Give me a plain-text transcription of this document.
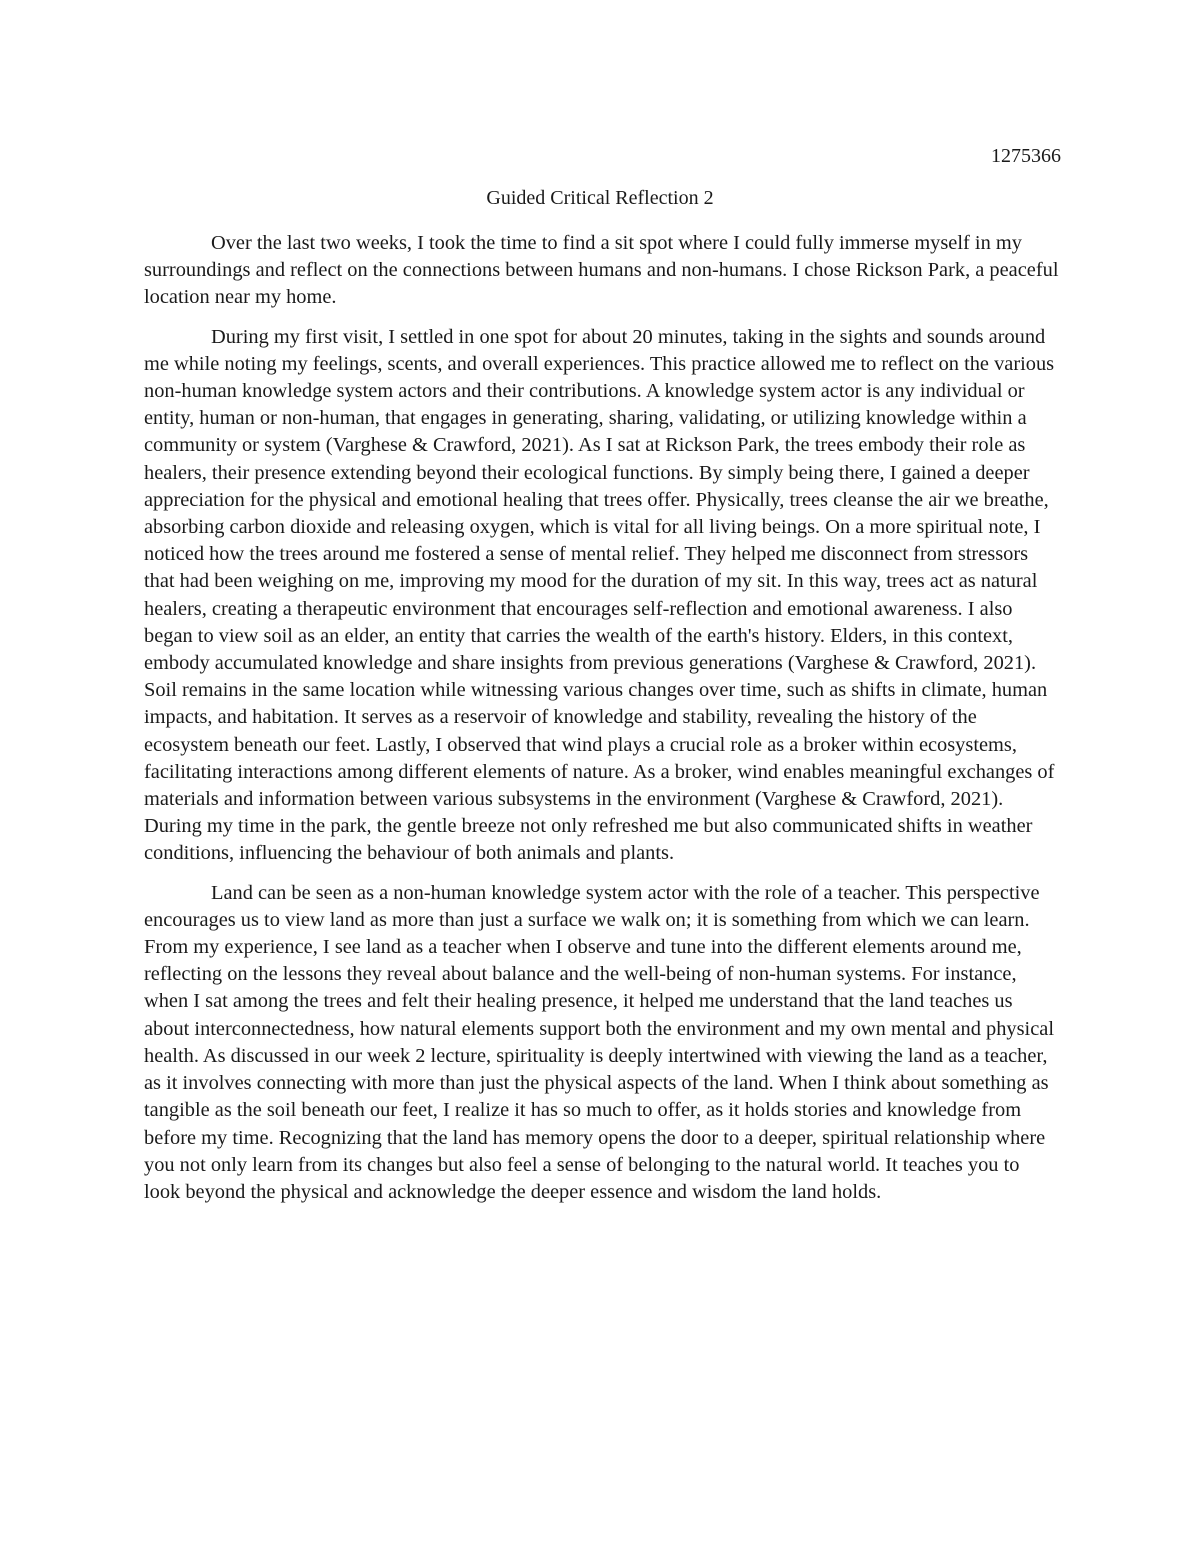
1275366

Guided Critical Reflection 2

Over the last two weeks, I took the time to find a sit spot where I could fully immerse myself in my surroundings and reflect on the connections between humans and non-humans. I chose Rickson Park, a peaceful location near my home.

During my first visit, I settled in one spot for about 20 minutes, taking in the sights and sounds around me while noting my feelings, scents, and overall experiences. This practice allowed me to reflect on the various non-human knowledge system actors and their contributions. A knowledge system actor is any individual or entity, human or non-human, that engages in generating, sharing, validating, or utilizing knowledge within a community or system (Varghese & Crawford, 2021). As I sat at Rickson Park, the trees embody their role as healers, their presence extending beyond their ecological functions. By simply being there, I gained a deeper appreciation for the physical and emotional healing that trees offer. Physically, trees cleanse the air we breathe, absorbing carbon dioxide and releasing oxygen, which is vital for all living beings. On a more spiritual note, I noticed how the trees around me fostered a sense of mental relief. They helped me disconnect from stressors that had been weighing on me, improving my mood for the duration of my sit. In this way, trees act as natural healers, creating a therapeutic environment that encourages self-reflection and emotional awareness. I also began to view soil as an elder, an entity that carries the wealth of the earth's history. Elders, in this context, embody accumulated knowledge and share insights from previous generations (Varghese & Crawford, 2021). Soil remains in the same location while witnessing various changes over time, such as shifts in climate, human impacts, and habitation. It serves as a reservoir of knowledge and stability, revealing the history of the ecosystem beneath our feet. Lastly, I observed that wind plays a crucial role as a broker within ecosystems, facilitating interactions among different elements of nature. As a broker, wind enables meaningful exchanges of materials and information between various subsystems in the environment (Varghese & Crawford, 2021). During my time in the park, the gentle breeze not only refreshed me but also communicated shifts in weather conditions, influencing the behaviour of both animals and plants.

Land can be seen as a non-human knowledge system actor with the role of a teacher. This perspective encourages us to view land as more than just a surface we walk on; it is something from which we can learn. From my experience, I see land as a teacher when I observe and tune into the different elements around me, reflecting on the lessons they reveal about balance and the well-being of non-human systems. For instance, when I sat among the trees and felt their healing presence, it helped me understand that the land teaches us about interconnectedness, how natural elements support both the environment and my own mental and physical health. As discussed in our week 2 lecture, spirituality is deeply intertwined with viewing the land as a teacher, as it involves connecting with more than just the physical aspects of the land. When I think about something as tangible as the soil beneath our feet, I realize it has so much to offer, as it holds stories and knowledge from before my time. Recognizing that the land has memory opens the door to a deeper, spiritual relationship where you not only learn from its changes but also feel a sense of belonging to the natural world. It teaches you to look beyond the physical and acknowledge the deeper essence and wisdom the land holds.
